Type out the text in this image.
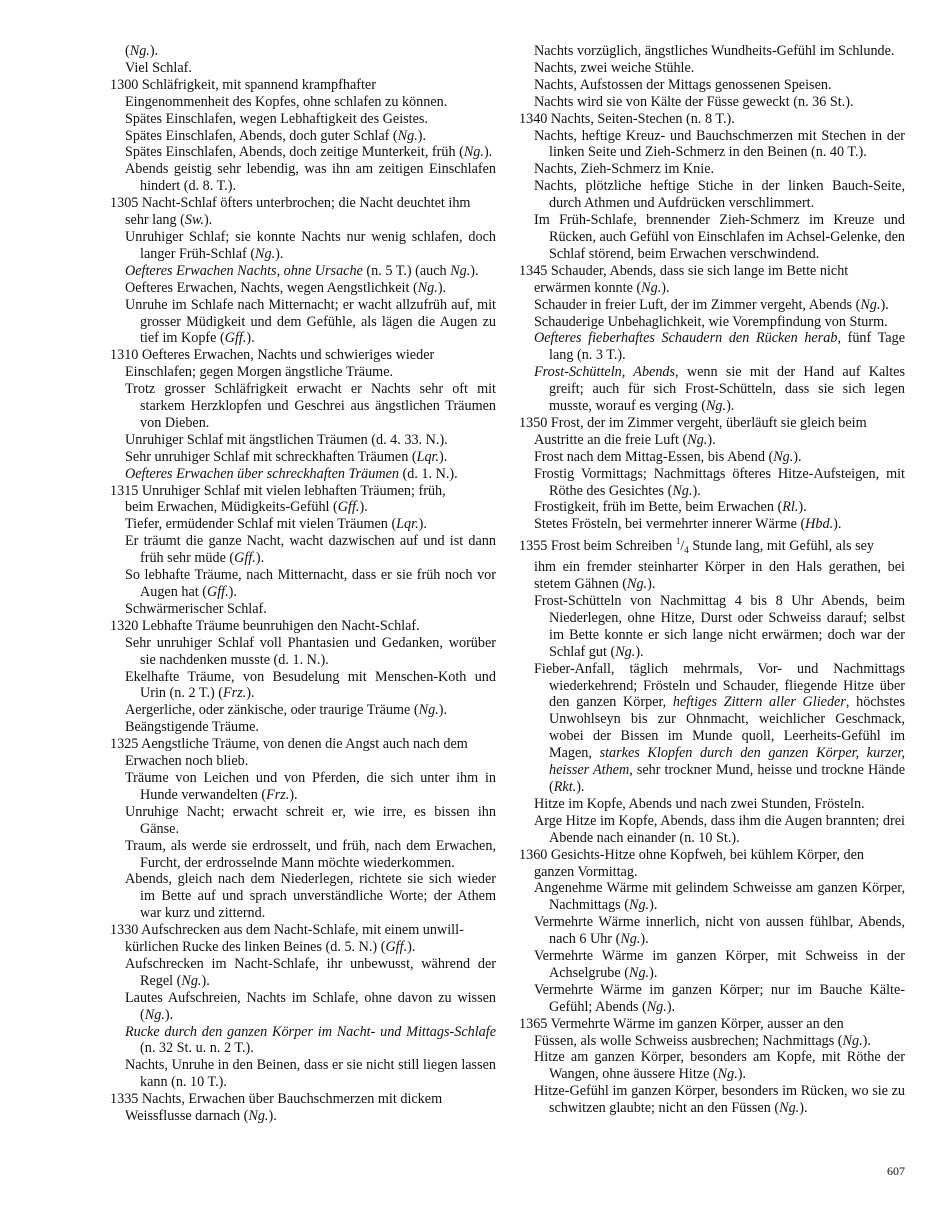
(Ng.).
Viel Schlaf.
1300 Schläfrigkeit, mit spannend krampfhafter
Eingenommenheit des Kopfes, ohne schlafen zu können.
Spätes Einschlafen, wegen Lebhaftigkeit des Geistes.
Spätes Einschlafen, Abends, doch guter Schlaf (Ng.).
Spätes Einschlafen, Abends, doch zeitige Munterkeit, früh (Ng.).
Abends geistig sehr lebendig, was ihn am zeitigen Einschlafen hindert (d. 8. T.).
1305 Nacht-Schlaf öfters unterbrochen; die Nacht deuchtet ihm
sehr lang (Sw.).
Unruhiger Schlaf; sie konnte Nachts nur wenig schlafen, doch langer Früh-Schlaf (Ng.).
Oefteres Erwachen Nachts, ohne Ursache (n. 5 T.) (auch Ng.).
Oefteres Erwachen, Nachts, wegen Aengstlichkeit (Ng.).
Unruhe im Schlafe nach Mitternacht; er wacht allzufrüh auf, mit grosser Müdigkeit und dem Gefühle, als lägen die Augen zu tief im Kopfe (Gff.).
1310 Oefteres Erwachen, Nachts und schwieriges wieder
Einschlafen; gegen Morgen ängstliche Träume.
Trotz grosser Schläfrigkeit erwacht er Nachts sehr oft mit starkem Herzklopfen und Geschrei aus ängstlichen Träumen von Dieben.
Unruhiger Schlaf mit ängstlichen Träumen (d. 4. 33. N.).
Sehr unruhiger Schlaf mit schreckhaften Träumen (Lqr.).
Oefteres Erwachen über schreckhaften Träumen (d. 1. N.).
1315 Unruhiger Schlaf mit vielen lebhaften Träumen; früh,
beim Erwachen, Müdigkeits-Gefühl (Gff.).
Tiefer, ermüdender Schlaf mit vielen Träumen (Lqr.).
Er träumt die ganze Nacht, wacht dazwischen auf und ist dann früh sehr müde (Gff.).
So lebhafte Träume, nach Mitternacht, dass er sie früh noch vor Augen hat (Gff.).
Schwärmerischer Schlaf.
1320 Lebhafte Träume beunruhigen den Nacht-Schlaf.
Sehr unruhiger Schlaf voll Phantasien und Gedanken, worüber sie nachdenken musste (d. 1. N.).
Ekelhafte Träume, von Besudelung mit Menschen-Koth und Urin (n. 2 T.) (Frz.).
Aergerliche, oder zänkische, oder traurige Träume (Ng.).
Beängstigende Träume.
1325 Aengstliche Träume, von denen die Angst auch nach dem
Erwachen noch blieb.
Träume von Leichen und von Pferden, die sich unter ihm in Hunde verwandelten (Frz.).
Unruhige Nacht; erwacht schreit er, wie irre, es bissen ihn Gänse.
Traum, als werde sie erdrosselt, und früh, nach dem Erwachen, Furcht, der erdrosselnde Mann möchte wiederkommen.
Abends, gleich nach dem Niederlegen, richtete sie sich wieder im Bette auf und sprach unverständliche Worte; der Athem war kurz und zitternd.
1330 Aufschrecken aus dem Nacht-Schlafe, mit einem unwill-
kürlichen Rucke des linken Beines (d. 5. N.) (Gff.).
Aufschrecken im Nacht-Schlafe, ihr unbewusst, während der Regel (Ng.).
Lautes Aufschreien, Nachts im Schlafe, ohne davon zu wissen (Ng.).
Rucke durch den ganzen Körper im Nacht- und Mittags-Schlafe (n. 32 St. u. n. 2 T.).
Nachts, Unruhe in den Beinen, dass er sie nicht still liegen lassen kann (n. 10 T.).
1335 Nachts, Erwachen über Bauchschmerzen mit dickem
Weissflusse darnach (Ng.).
Nachts vorzüglich, ängstliches Wundheits-Gefühl im Schlunde.
Nachts, zwei weiche Stühle.
Nachts, Aufstossen der Mittags genossenen Speisen.
Nachts wird sie von Kälte der Füsse geweckt (n. 36 St.).
1340 Nachts, Seiten-Stechen (n. 8 T.).
Nachts, heftige Kreuz- und Bauchschmerzen mit Stechen in der linken Seite und Zieh-Schmerz in den Beinen (n. 40 T.).
Nachts, Zieh-Schmerz im Knie.
Nachts, plötzliche heftige Stiche in der linken Bauch-Seite, durch Athmen und Aufdrücken verschlimmert.
Im Früh-Schlafe, brennender Zieh-Schmerz im Kreuze und Rücken, auch Gefühl von Einschlafen im Achsel-Gelenke, den Schlaf störend, beim Erwachen verschwindend.
1345 Schauder, Abends, dass sie sich lange im Bette nicht
erwärmen konnte (Ng.).
Schauder in freier Luft, der im Zimmer vergeht, Abends (Ng.).
Schauderige Unbehaglichkeit, wie Vorempfindung von Sturm.
Oefteres fieberhaftes Schaudern den Rücken herab, fünf Tage lang (n. 3 T.).
Frost-Schütteln, Abends, wenn sie mit der Hand auf Kaltes greift; auch für sich Frost-Schütteln, dass sie sich legen musste, worauf es verging (Ng.).
1350 Frost, der im Zimmer vergeht, überläuft sie gleich beim
Austritte an die freie Luft (Ng.).
Frost nach dem Mittag-Essen, bis Abend (Ng.).
Frostig Vormittags; Nachmittags öfteres Hitze-Aufsteigen, mit Röthe des Gesichtes (Ng.).
Frostigkeit, früh im Bette, beim Erwachen (Rl.).
Stetes Frösteln, bei vermehrter innerer Wärme (Hbd.).
1355 Frost beim Schreiben $^1/_4$ Stunde lang, mit Gefühl, als sey
ihm ein fremder steinharter Körper in den Hals gerathen, bei stetem Gähnen (Ng.).
Frost-Schütteln von Nachmittag 4 bis 8 Uhr Abends, beim Niederlegen, ohne Hitze, Durst oder Schweiss darauf; selbst im Bette konnte er sich lange nicht erwärmen; doch war der Schlaf gut (Ng.).
Fieber-Anfall, täglich mehrmals, Vor- und Nachmittags wiederkehrend; Frösteln und Schauder, fliegende Hitze über den ganzen Körper, heftiges Zittern aller Glieder, höchstes Unwohlseyn bis zur Ohnmacht, weichlicher Geschmack, wobei der Bissen im Munde quoll, Leerheits-Gefühl im Magen, starkes Klopfen durch den ganzen Körper, kurzer, heisser Athem, sehr trockner Mund, heisse und trockne Hände (Rkt.).
Hitze im Kopfe, Abends und nach zwei Stunden, Frösteln.
Arge Hitze im Kopfe, Abends, dass ihm die Augen brannten; drei Abende nach einander (n. 10 St.).
1360 Gesichts-Hitze ohne Kopfweh, bei kühlem Körper, den
ganzen Vormittag.
Angenehme Wärme mit gelindem Schweisse am ganzen Körper, Nachmittags (Ng.).
Vermehrte Wärme innerlich, nicht von aussen fühlbar, Abends, nach 6 Uhr (Ng.).
Vermehrte Wärme im ganzen Körper, mit Schweiss in der Achselgrube (Ng.).
Vermehrte Wärme im ganzen Körper; nur im Bauche Kälte-Gefühl; Abends (Ng.).
1365 Vermehrte Wärme im ganzen Körper, ausser an den
Füssen, als wolle Schweiss ausbrechen; Nachmittags (Ng.).
Hitze am ganzen Körper, besonders am Kopfe, mit Röthe der Wangen, ohne äussere Hitze (Ng.).
Hitze-Gefühl im ganzen Körper, besonders im Rücken, wo sie zu schwitzen glaubte; nicht an den Füssen (Ng.).
607
